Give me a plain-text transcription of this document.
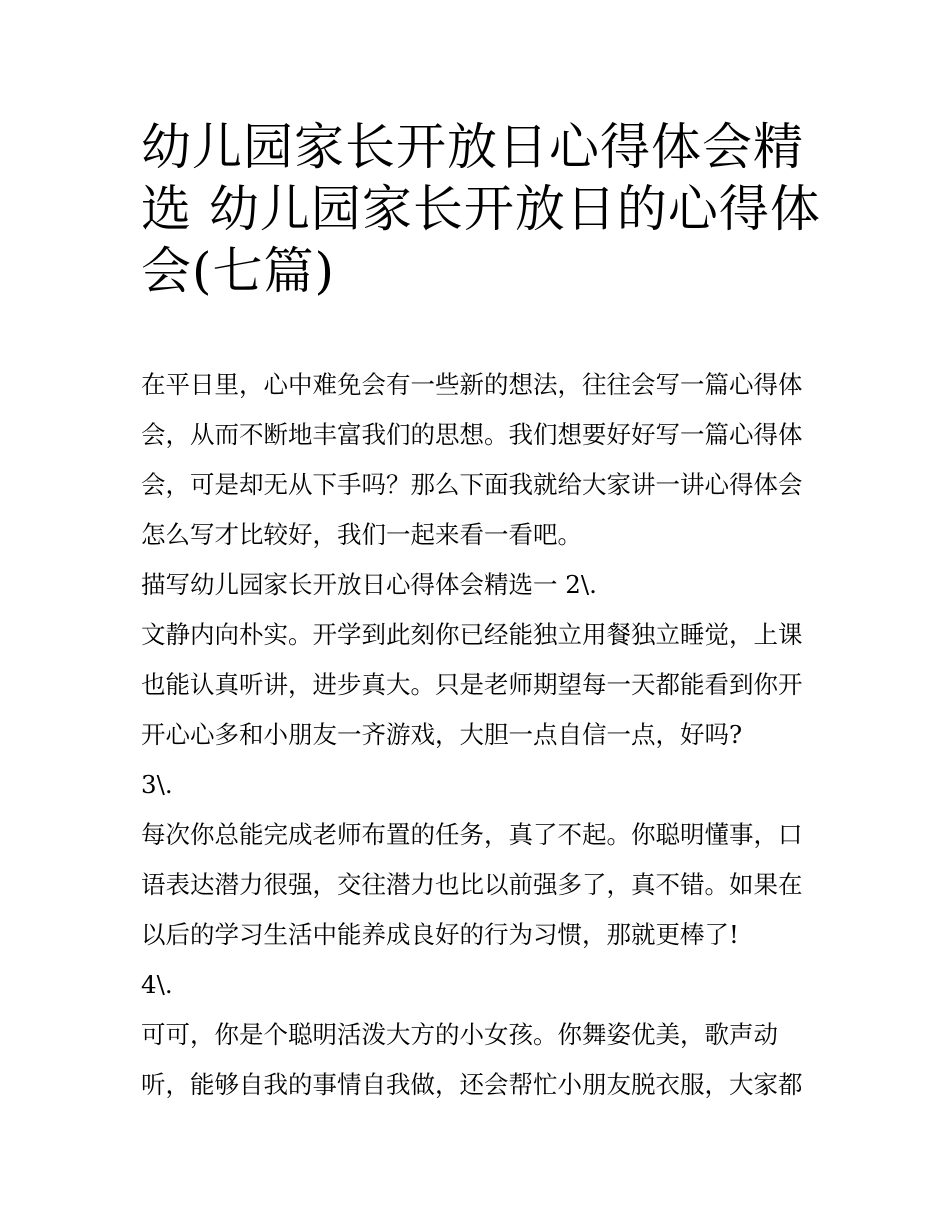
幼儿园家长开放日心得体会精
选 幼儿园家长开放日的心得体
会(七篇)
在平日里，心中难免会有一些新的想法，往往会写一篇心得体
会，从而不断地丰富我们的思想。我们想要好好写一篇心得体
会，可是却无从下手吗？那么下面我就给大家讲一讲心得体会
怎么写才比较好，我们一起来看一看吧。
描写幼儿园家长开放日心得体会精选一 2\.
文静内向朴实。开学到此刻你已经能独立用餐独立睡觉，上课
也能认真听讲，进步真大。只是老师期望每一天都能看到你开
开心心多和小朋友一齐游戏，大胆一点自信一点，好吗?
3\.
每次你总能完成老师布置的任务，真了不起。你聪明懂事，口
语表达潜力很强，交往潜力也比以前强多了，真不错。如果在
以后的学习生活中能养成良好的行为习惯，那就更棒了!
4\.
可可，你是个聪明活泼大方的小女孩。你舞姿优美，歌声动
听，能够自我的事情自我做，还会帮忙小朋友脱衣服，大家都
